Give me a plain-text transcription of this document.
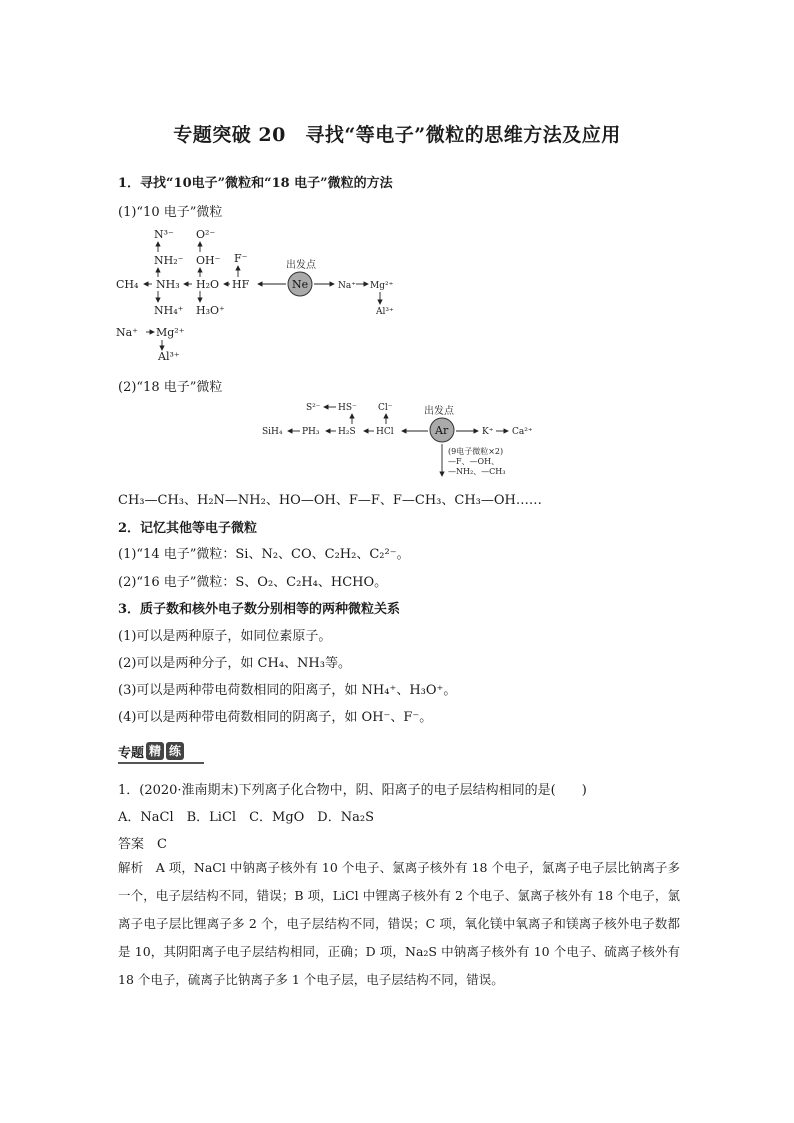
专题突破 20　寻找“等电子”微粒的思维方法及应用
1．寻找“10电子”微粒和“18 电子”微粒的方法
(1)“10 电子”微粒
N³⁻
NH₂⁻
CH₄ NH₃
NH₄⁺
O²⁻
OH⁻
H₂O
H₃O⁺
F⁻
HF
出发点
Na⁺ Mg²⁺
Al³⁺
Na⁺ Mg²⁺
Al³⁺
Ne
(2)“18 电子”微粒
S²⁻ HS⁻ Cl⁻
SiH₄ PH₃ H₂S HCl
出发点
K⁺ Ca²⁺
(9电子微粒×2)
—F、—OH、
—NH₂、—CH₃
Ar
CH₃—CH₃、H₂N—NH₂、HO—OH、F—F、F—CH₃、CH₃—OH……
2．记忆其他等电子微粒
(1)“14 电子”微粒：Si、N₂、CO、C₂H₂、C₂²⁻。
(2)“16 电子”微粒：S、O₂、C₂H₄、HCHO。
3．质子数和核外电子数分别相等的两种微粒关系
(1)可以是两种原子，如同位素原子。
(2)可以是两种分子，如 CH₄、NH₃等。
(3)可以是两种带电荷数相同的阳离子，如 NH₄⁺、H₃O⁺。
(4)可以是两种带电荷数相同的阴离子，如 OH⁻、F⁻。
专题 精 练
1．(2020·淮南期末)下列离子化合物中，阴、阳离子的电子层结构相同的是(　　)
A．NaCl　B．LiCl　C．MgO　D．Na₂S
答案　C
解析　A 项，NaCl 中钠离子核外有 10 个电子、氯离子核外有 18 个电子，氯离子电子层比钠离子多一个，电子层结构不同，错误；B 项，LiCl 中锂离子核外有 2 个电子、氯离子核外有 18 个电子，氯离子电子层比锂离子多 2 个，电子层结构不同，错误；C 项，氧化镁中氧离子和镁离子核外电子数都是 10，其阴阳离子电子层结构相同，正确；D 项，Na₂S 中钠离子核外有 10 个电子、硫离子核外有 18 个电子，硫离子比钠离子多 1 个电子层，电子层结构不同，错误。
